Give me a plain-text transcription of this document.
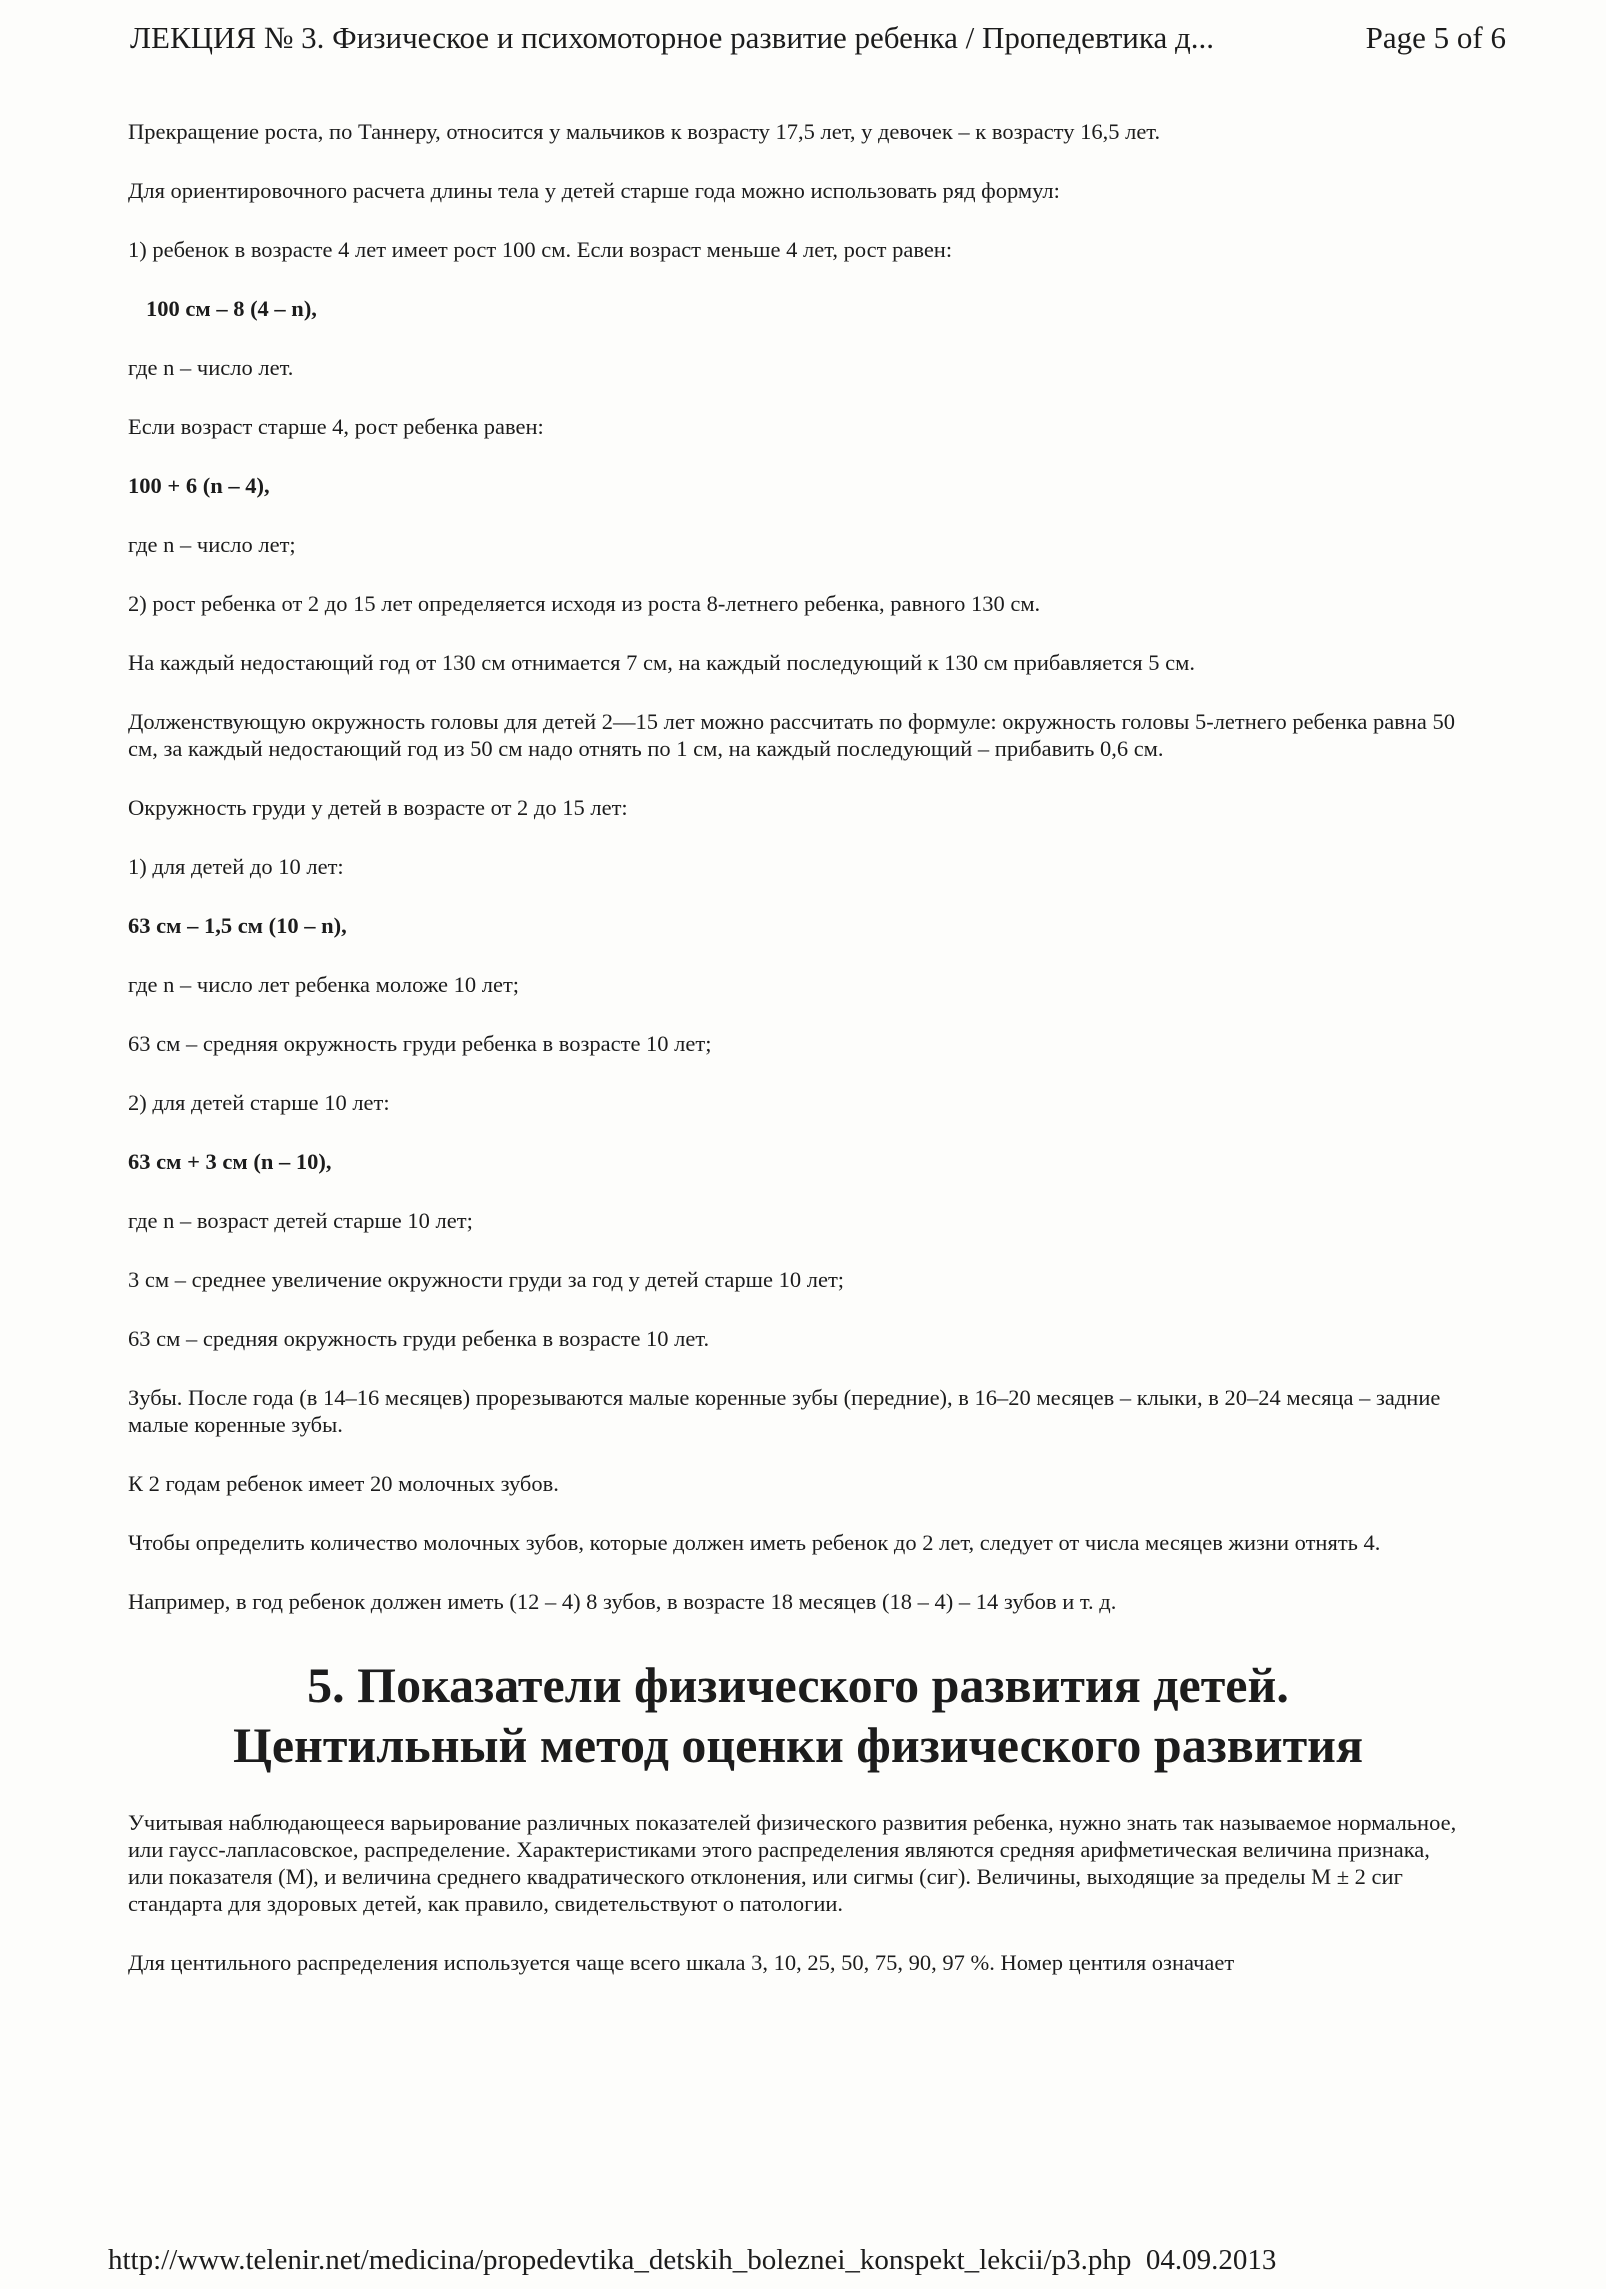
ЛЕКЦИЯ № 3. Физическое и психомоторное развитие ребенка / Пропедевтика д...	Page 5 of 6

Прекращение роста, по Таннеру, относится у мальчиков к возрасту 17,5 лет, у девочек – к возрасту 16,5 лет.

Для ориентировочного расчета длины тела у детей старше года можно использовать ряд формул:

1) ребенок в возрасте 4 лет имеет рост 100 см. Если возраст меньше 4 лет, рост равен:

100 см – 8 (4 – n),

где n – число лет.

Если возраст старше 4, рост ребенка равен:

100 + 6 (n – 4),

где n – число лет;

2) рост ребенка от 2 до 15 лет определяется исходя из роста 8-летнего ребенка, равного 130 см.

На каждый недостающий год от 130 см отнимается 7 см, на каждый последующий к 130 см прибавляется 5 см.

Долженствующую окружность головы для детей 2—15 лет можно рассчитать по формуле: окружность головы 5-летнего ребенка равна 50 см, за каждый недостающий год из 50 см надо отнять по 1 см, на каждый последующий – прибавить 0,6 см.

Окружность груди у детей в возрасте от 2 до 15 лет:

1) для детей до 10 лет:

63 см – 1,5 см (10 – n),

где n – число лет ребенка моложе 10 лет;

63 см – средняя окружность груди ребенка в возрасте 10 лет;

2) для детей старше 10 лет:

63 см + 3 см (n – 10),

где n – возраст детей старше 10 лет;

3 см – среднее увеличение окружности груди за год у детей старше 10 лет;

63 см – средняя окружность груди ребенка в возрасте 10 лет.

Зубы. После года (в 14–16 месяцев) прорезываются малые коренные зубы (передние), в 16–20 месяцев – клыки, в 20–24 месяца – задние малые коренные зубы.

К 2 годам ребенок имеет 20 молочных зубов.

Чтобы определить количество молочных зубов, которые должен иметь ребенок до 2 лет, следует от числа месяцев жизни отнять 4.

Например, в год ребенок должен иметь (12 – 4) 8 зубов, в возрасте 18 месяцев (18 – 4) – 14 зубов и т. д.

5. Показатели физического развития детей.
Центильный метод оценки физического развития

Учитывая наблюдающееся варьирование различных показателей физического развития ребенка, нужно знать так называемое нормальное, или гаусс-лапласовское, распределение. Характеристиками этого распределения являются средняя арифметическая величина признака, или показателя (M), и величина среднего квадратического отклонения, или сигмы (сиг). Величины, выходящие за пределы M ± 2 сиг стандарта для здоровых детей, как правило, свидетельствуют о патологии.

Для центильного распределения используется чаще всего шкала 3, 10, 25, 50, 75, 90, 97 %. Номер центиля означает

http://www.telenir.net/medicina/propedevtika_detskih_boleznei_konspekt_lekcii/p3.php 04.09.2013
